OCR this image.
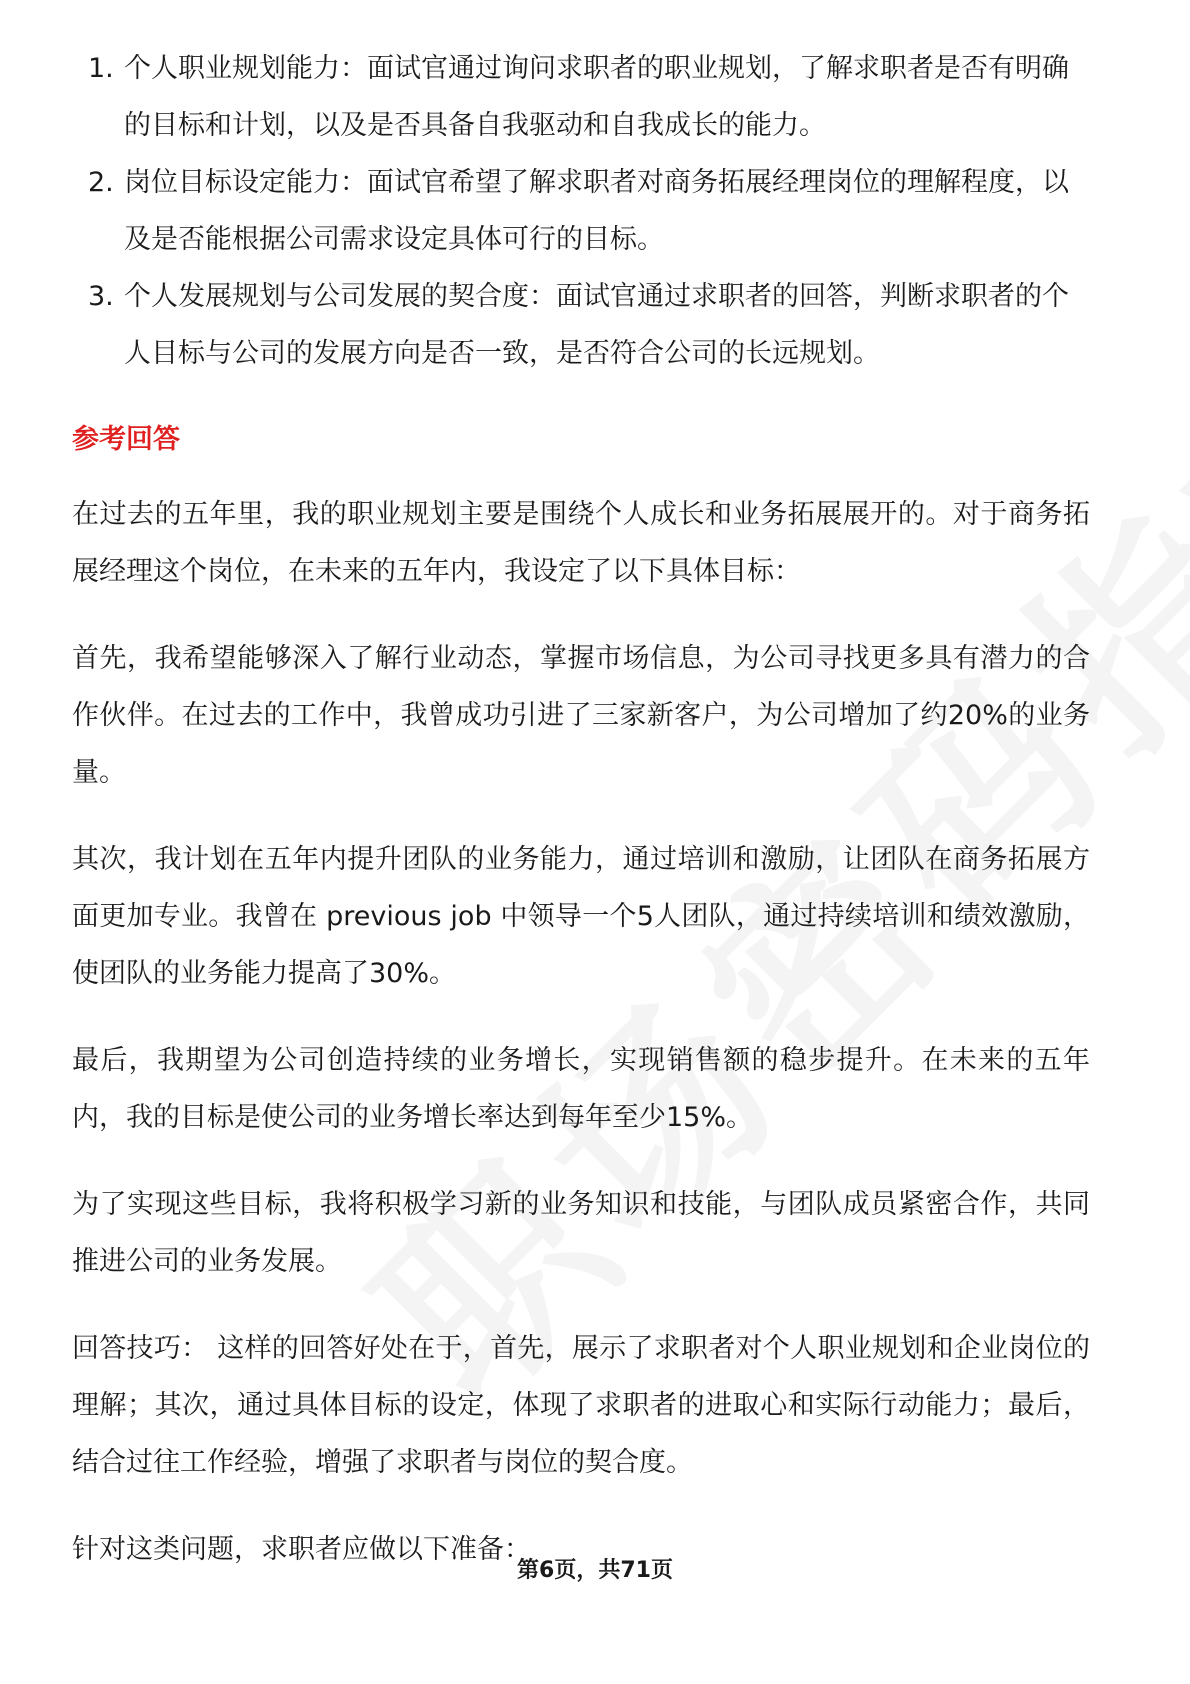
1. 个人职业规划能力：面试官通过询问求职者的职业规划，了解求职者是否有明确的目标和计划，以及是否具备自我驱动和自我成长的能力。
2. 岗位目标设定能力：面试官希望了解求职者对商务拓展经理岗位的理解程度，以及是否能根据公司需求设定具体可行的目标。
3. 个人发展规划与公司发展的契合度：面试官通过求职者的回答，判断求职者的个人目标与公司的发展方向是否一致，是否符合公司的长远规划。
参考回答

在过去的五年里，我的职业规划主要是围绕个人成长和业务拓展展开的。对于商务拓展经理这个岗位，在未来的五年内，我设定了以下具体目标：

首先，我希望能够深入了解行业动态，掌握市场信息，为公司寻找更多具有潜力的合作伙伴。在过去的工作中，我曾成功引进了三家新客户，为公司增加了约20%的业务量。

其次，我计划在五年内提升团队的业务能力，通过培训和激励，让团队在商务拓展方面更加专业。我曾在 previous job 中领导一个5人团队，通过持续培训和绩效激励，使团队的业务能力提高了30%。

最后，我期望为公司创造持续的业务增长，实现销售额的稳步提升。在未来的五年内，我的目标是使公司的业务增长率达到每年至少15%。

为了实现这些目标，我将积极学习新的业务知识和技能，与团队成员紧密合作，共同推进公司的业务发展。

回答技巧： 这样的回答好处在于，首先，展示了求职者对个人职业规划和企业岗位的理解；其次，通过具体目标的设定，体现了求职者的进取心和实际行动能力；最后，结合过往工作经验，增强了求职者与岗位的契合度。

针对这类问题，求职者应做以下准备：

第6页，共71页
